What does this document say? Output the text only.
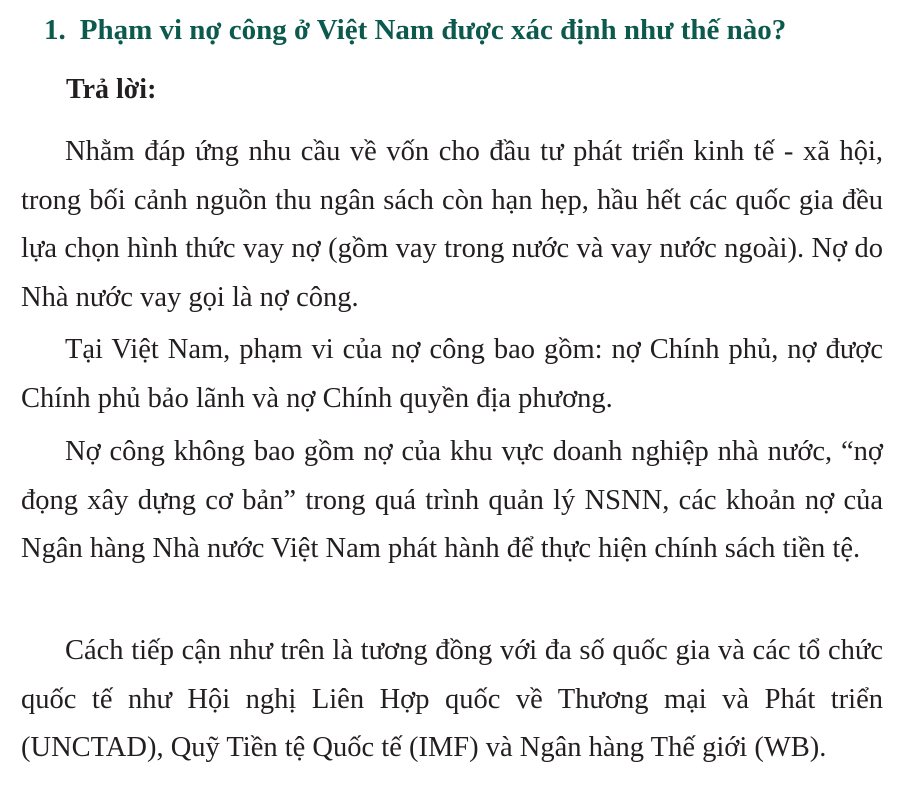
1. Phạm vi nợ công ở Việt Nam được xác định như thế nào?

Trả lời:

Nhằm đáp ứng nhu cầu về vốn cho đầu tư phát triển kinh tế - xã hội, trong bối cảnh nguồn thu ngân sách còn hạn hẹp, hầu hết các quốc gia đều lựa chọn hình thức vay nợ (gồm vay trong nước và vay nước ngoài). Nợ do Nhà nước vay gọi là nợ công.

Tại Việt Nam, phạm vi của nợ công bao gồm: nợ Chính phủ, nợ được Chính phủ bảo lãnh và nợ Chính quyền địa phương.

Nợ công không bao gồm nợ của khu vực doanh nghiệp nhà nước, “nợ đọng xây dựng cơ bản” trong quá trình quản lý NSNN, các khoản nợ của Ngân hàng Nhà nước Việt Nam phát hành để thực hiện chính sách tiền tệ.

Cách tiếp cận như trên là tương đồng với đa số quốc gia và các tổ chức quốc tế như Hội nghị Liên Hợp quốc về Thương mại và Phát triển (UNCTAD), Quỹ Tiền tệ Quốc tế (IMF) và Ngân hàng Thế giới (WB).
